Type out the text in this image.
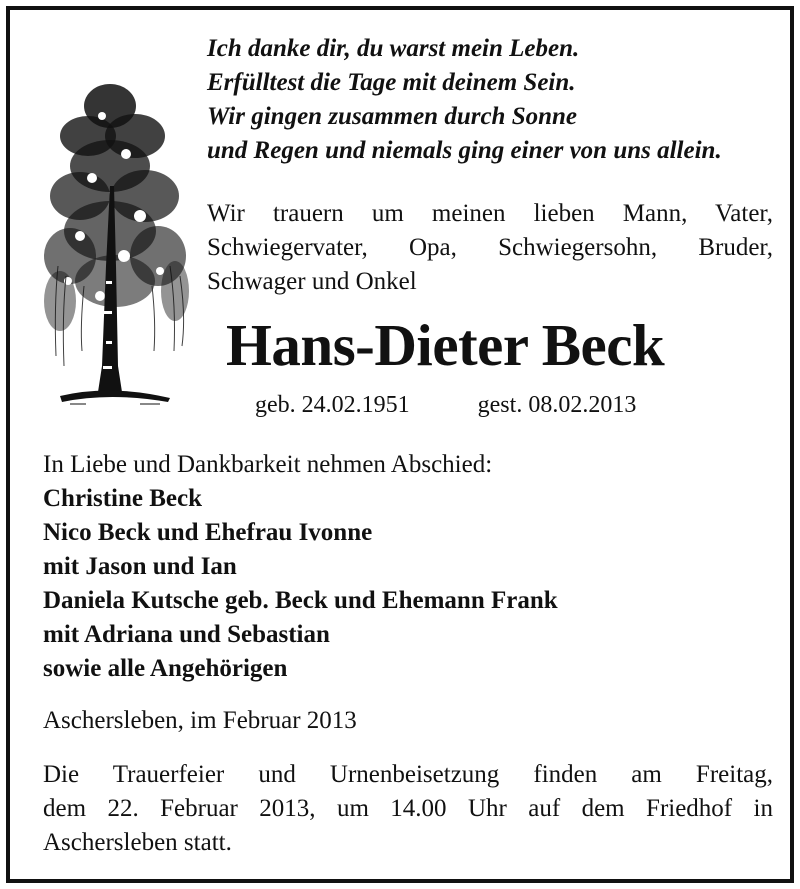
Ich danke dir, du warst mein Leben.
Erfülltest die Tage mit deinem Sein.
Wir gingen zusammen durch Sonne
und Regen und niemals ging einer von uns allein.
Wir trauern um meinen lieben Mann, Vater,
Schwiegervater, Opa, Schwiegersohn, Bruder,
Schwager und Onkel
Hans-Dieter Beck
geb. 24.02.1951	gest. 08.02.2013
In Liebe und Dankbarkeit nehmen Abschied:
Christine Beck
Nico Beck und Ehefrau Ivonne
mit Jason und Ian
Daniela Kutsche geb. Beck und Ehemann Frank
mit Adriana und Sebastian
sowie alle Angehörigen
Aschersleben, im Februar 2013
Die Trauerfeier und Urnenbeisetzung finden am Freitag,
dem 22. Februar 2013, um 14.00 Uhr auf dem Friedhof in
Aschersleben statt.
